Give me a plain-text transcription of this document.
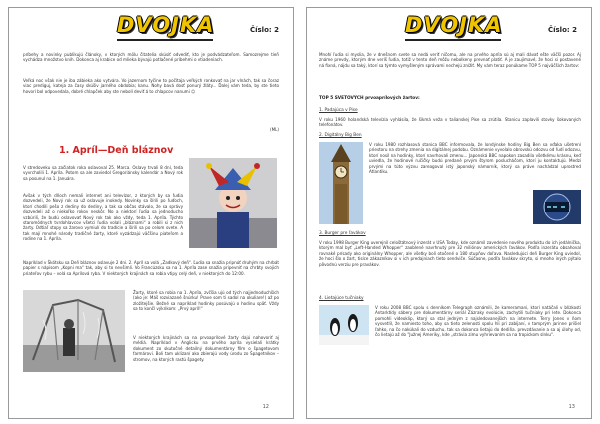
DVOJKA	Číslo: 2
príbehy a novinky publikujú článoky, v ktorých mölu čitatelia skúsiť odvediť, kto je podvádzateľom. Samozrejme tieň vychádza množstvo knih. Dokonca aj krabice od mlieka bývajú potlačené príbehmi o vtiadeniach.
Veľká noc však nie je iba zábieka ako vytvára. Vo jazernom tyčine to počítaja veľkých ronkovať na jar vlnách, tak sa čoraz viac prediguj, kateja za časy skúšiv jarného obdobia; kanu. Nohy bavá dosť ponurý žláty... Ďalej vám teda, by ste tieto hovorí bol odpovedala, dobré chlapček aby ste nebolí deviť á to chlapcov nanumi ☺
(ML)
1. Apríl—Deň bláznov
V stredoveku sa začiatok roka oslavoval 25. Marca. Oslavy trvali 8 dní, teda vyvrcholili 1. Apríla. Potom sa ale zaviedol Gregoriánsky kalendár a Nový rok sa posunul na 1. Januára.
Avšak v tých dňoch nemali internet ani televízor, z ktorých by sa ľudia dozvedeli, že Nový rok sa už oslavuje inokedy. Novinky sa šírili po ľuďoch, ktorí chodili pešo z dediny do dediny, a tak sa občas stávalo, že sa správy dozvedeli až o niekoľko rokov neskôr. No a niektorí ľudia sa jednoducho vzbúrili, že budú oslavovať Nový rok tak ako vždy, teda 1. Apríla. Týchto staromódnych tvrdohlavcov všetci ľudia volali „bláznami“ a robili si z nich žarty. Odtiaľ stopy sa žarovo vymiulí do tradície a šírili sa po celom svete. A tak mají mnohé národy tradičné žarty, ktoré vyzádzajú väčšinu piateľom a rodine na 1. Apríla.
Napríklad v Škótsku sa Deň bláznov oslavuje 2 dni. 2. Apríl sa volá „Zadkový deň“. Ľudia sa snažia pripnúť druhým na chrbát papier s nápisom „Kopni ma“ tak, aby si to nevšimli. Vo Francúzsku sa na 1. Apríla zase snažia pripevniť na chrbty svojich priateľov rybu – volá sa Aprílová ryba. V niektorých krajinách sa robia vtipy celý deň, v niektorých do 12:00.
Žarty, ktoré sa robia na 1. Apríla, zvčšia ujú od tých najjednoduchších (ako je: Máš rozviazané šnúrku! Prave som ti sadol na okuliare!) až po zložitejšie. Bežné sa napríklad hodinky posúvajú o hodinu späť. Vždy sa to končí výkrikom: „Prvý apríl!“
V niektorých krajinách sa na prvoaprílové žarty dajú nahovoriť aj médiá. Napríklad v Anglicku na prvého apríla vysielali krátky dokument zo skutočné detailný dokumentárny film o špagetovom farmárovi. Boli tam uklizaní ako zbierajú vody úrodu zo Špagetníkov – stromov, na ktorých rastú špagety.
12
DVOJKA	Číslo: 2
Mnohí ľudia si myslia, že v dnešnom svete sa nedá veriť ničomu, ale na prvého apríla sú aj mali dávať ešte väčší pozor. Aj známe prevdy, ktorým dne veríš ľudia, totiž v tento deň môžu nebolkeny prevnať platiť. A je zaujímavé, že hoci si postavené ná fixná, nájdu sa taký, ktorí sa týmto vymyšleným správami nechejú znížiť. My vám teraz ponúkame TOP 5 najväčších žartov:
TOP 5 SVETOVÝCH prvoaprílových žartov:
1. Padajúca v Pise
V roku 1960 holandská televízia vyhlásila, že šikmá veža v talianskej Pise sa zrútila. Stanicu zaplavili stovky šokovaných telefonátov.
2. Digitálny Big Ben
V roku 1980 rozhlasová stanica BBC informovala, že londýnske hodiny Big Ben sa vďaka ušetrení priestoru na strehy zmenia na digitálnej podobu. Oznámenie vyvolalo obrovskú odozvu od ľudí odozvu, ktorí nosil na hodinky, ktorí navrhovali zmenu... Japonská BBC napokon zasadila všetkému krásnu, keď uviedla, že hodinové ručičky budú predané prvým štyrom poslucháčom, ktorí ju kontaktujú. Medzi prvými na túto výzvu zareagoval istý japonský námorník, ktorý sa práve nachádzal uprostred Atlantiku.
3. Burger pre ľavákov
V roku 1998 Burger King uverejnil celoštátnový inzerát v USA Today, kde oznámil zavedenie nového produktu do ich jedálnička, ktorým mal byť „Left-Handed Whopper“ zaoblené navrhnutý pre 32 miliónov amerických ľavákov. Podľa inzerátu obsahoval rovnaké prísady ako originálny Whopper, ale všetky boli otočené o 180 stupňov doľava. Nasledujúci deň Burger King uviedol, že hoci šlo o žart, tisíce zákazníkov si v ich predajniach tieto sendviče. Súčasne, podľa ľavákov skryto, si mnoho iných pýtalo pôvodnú verziu pre pravákov.
4. Lietajúce tučniaky
V roku 2008 BBC spolu s denníkom Telegraph oznámili, že kameramani, ktorí natáčali v blízkosti Antarktídy sábery pre dokumentárny seriál Zázraky evolúcie, zachytili tučniaky pri lete. Dokonca pomohli videoklip, ktorý sa stal jedným z najsledovanejších na internete. Terry Jones v ňom vysvetlil, že namiesto toho, aby sa tieto zelenosti spolu hli pri zabíjaní, v tamprým jarinne prišiel ľahko, na čo nakúkali do vzduchu, tak sa dokonca lietajú do dediňa. prevzdávanie a sa aj úlohy od, čo lietajú až do "Južnej Ameriky, kde „strávia zimu vyhrievaním sa na tropickom slnku“.
13
